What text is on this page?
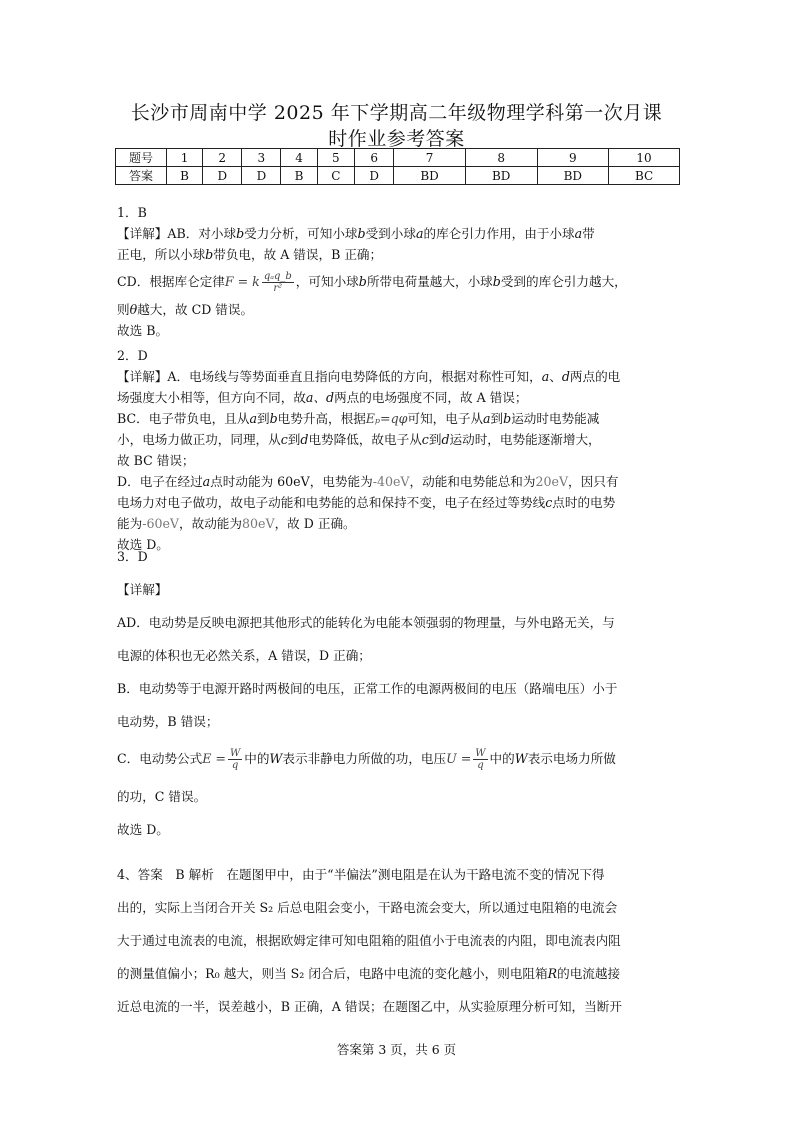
长沙市周南中学 2025 年下学期高二年级物理学科第一次月课
时作业参考答案
题号	1	2	3	4	5	6	7	8	9	10
答案	B	D	D	B	C	D	BD	BD	BD	BC
1．B
【详解】AB．对小球b受力分析，可知小球b受到小球a的库仑引力作用，由于小球a带
正电，所以小球b带负电，故 A 错误，B 正确；
CD．根据库仑定律F = k $\frac{\text{qₐq\_b}}{\text{r²}}$ ，可知小球b所带电荷量越大，小球b受到的库仑引力越大，
则θ越大，故 CD 错误。
故选 B。
2．D
【详解】A．电场线与等势面垂直且指向电势降低的方向，根据对称性可知，a、d两点的电
场强度大小相等，但方向不同，故a、d两点的电场强度不同，故 A 错误；
BC．电子带负电，且从a到b电势升高，根据Eₚ=qφ可知，电子从a到b运动时电势能减
小，电场力做正功，同理，从c到d电势降低，故电子从c到d运动时，电势能逐渐增大，
故 BC 错误；
D．电子在经过a点时动能为 60eV，电势能为-40eV，动能和电势能总和为20eV，因只有
电场力对电子做功，故电子动能和电势能的总和保持不变，电子在经过等势线c点时的电势
能为-60eV，故动能为80eV，故 D 正确。
故选 D。
3．D
【详解】
AD．电动势是反映电源把其他形式的能转化为电能本领强弱的物理量，与外电路无关，与
电源的体积也无必然关系，A 错误，D 正确；
B．电动势等于电源开路时两极间的电压，正常工作的电源两极间的电压（路端电压）小于
电动势，B 错误；
C．电动势公式$E = \frac{W}{q}$ 中的W表示非静电力所做的功，电压$U = \frac{W}{q}$ 中的W表示电场力所做
的功，C 错误。
故选 D。
4、答案　B 解析　在题图甲中，由于“半偏法”测电阻是在认为干路电流不变的情况下得
出的，实际上当闭合开关 S₂ 后总电阻会变小，干路电流会变大，所以通过电阻箱的电流会
大于通过电流表的电流，根据欧姆定律可知电阻箱的阻值小于电流表的内阻，即电流表内阻
的测量值偏小；R₀ 越大，则当 S₂ 闭合后，电路中电流的变化越小，则电阻箱R的电流越接
近总电流的一半，误差越小，B 正确，A 错误；在题图乙中，从实验原理分析可知，当断开
答案第 3 页，共 6 页
